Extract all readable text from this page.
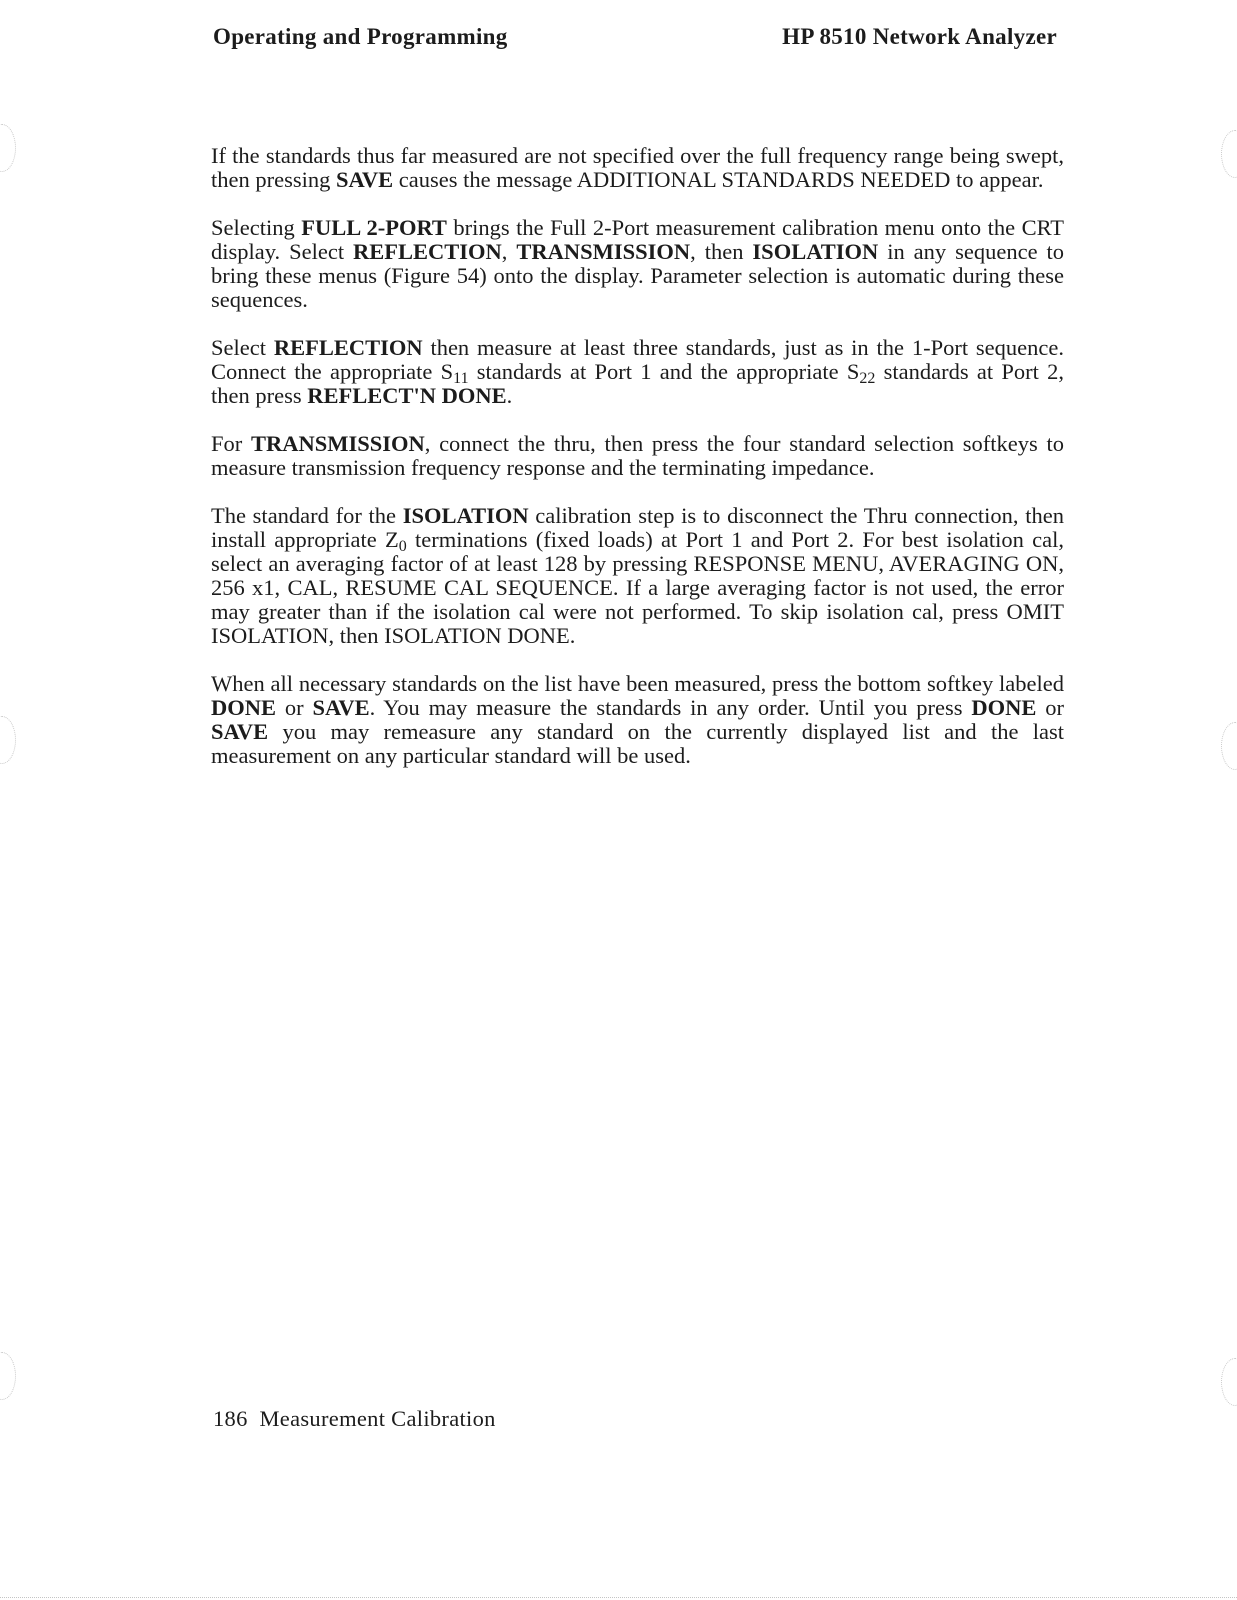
Operating and Programming	HP 8510 Network Analyzer

If the standards thus far measured are not specified over the full frequency range being swept, then pressing SAVE causes the message ADDITIONAL STANDARDS NEEDED to appear.

Selecting FULL 2-PORT brings the Full 2-Port measurement calibration menu onto the CRT display. Select REFLECTION, TRANSMISSION, then ISOLATION in any sequence to bring these menus (Figure 54) onto the display. Parameter selection is automatic during these sequences.

Select REFLECTION then measure at least three standards, just as in the 1-Port sequence. Connect the appropriate $S_{11}$ standards at Port 1 and the appropriate $S_{22}$ standards at Port 2, then press REFLECT'N DONE.

For TRANSMISSION, connect the thru, then press the four standard selection softkeys to measure transmission frequency response and the terminating impedance.

The standard for the ISOLATION calibration step is to disconnect the Thru connection, then install appropriate $Z_0$ terminations (fixed loads) at Port 1 and Port 2. For best isolation cal, select an averaging factor of at least 128 by pressing RESPONSE MENU, AVERAGING ON, 256 x1, CAL, RESUME CAL SEQUENCE. If a large averaging factor is not used, the error may greater than if the isolation cal were not performed. To skip isolation cal, press OMIT ISOLATION, then ISOLATION DONE.

When all necessary standards on the list have been measured, press the bottom softkey labeled DONE or SAVE. You may measure the standards in any order. Until you press DONE or SAVE you may remeasure any standard on the currently displayed list and the last measurement on any particular standard will be used.

186  Measurement Calibration
